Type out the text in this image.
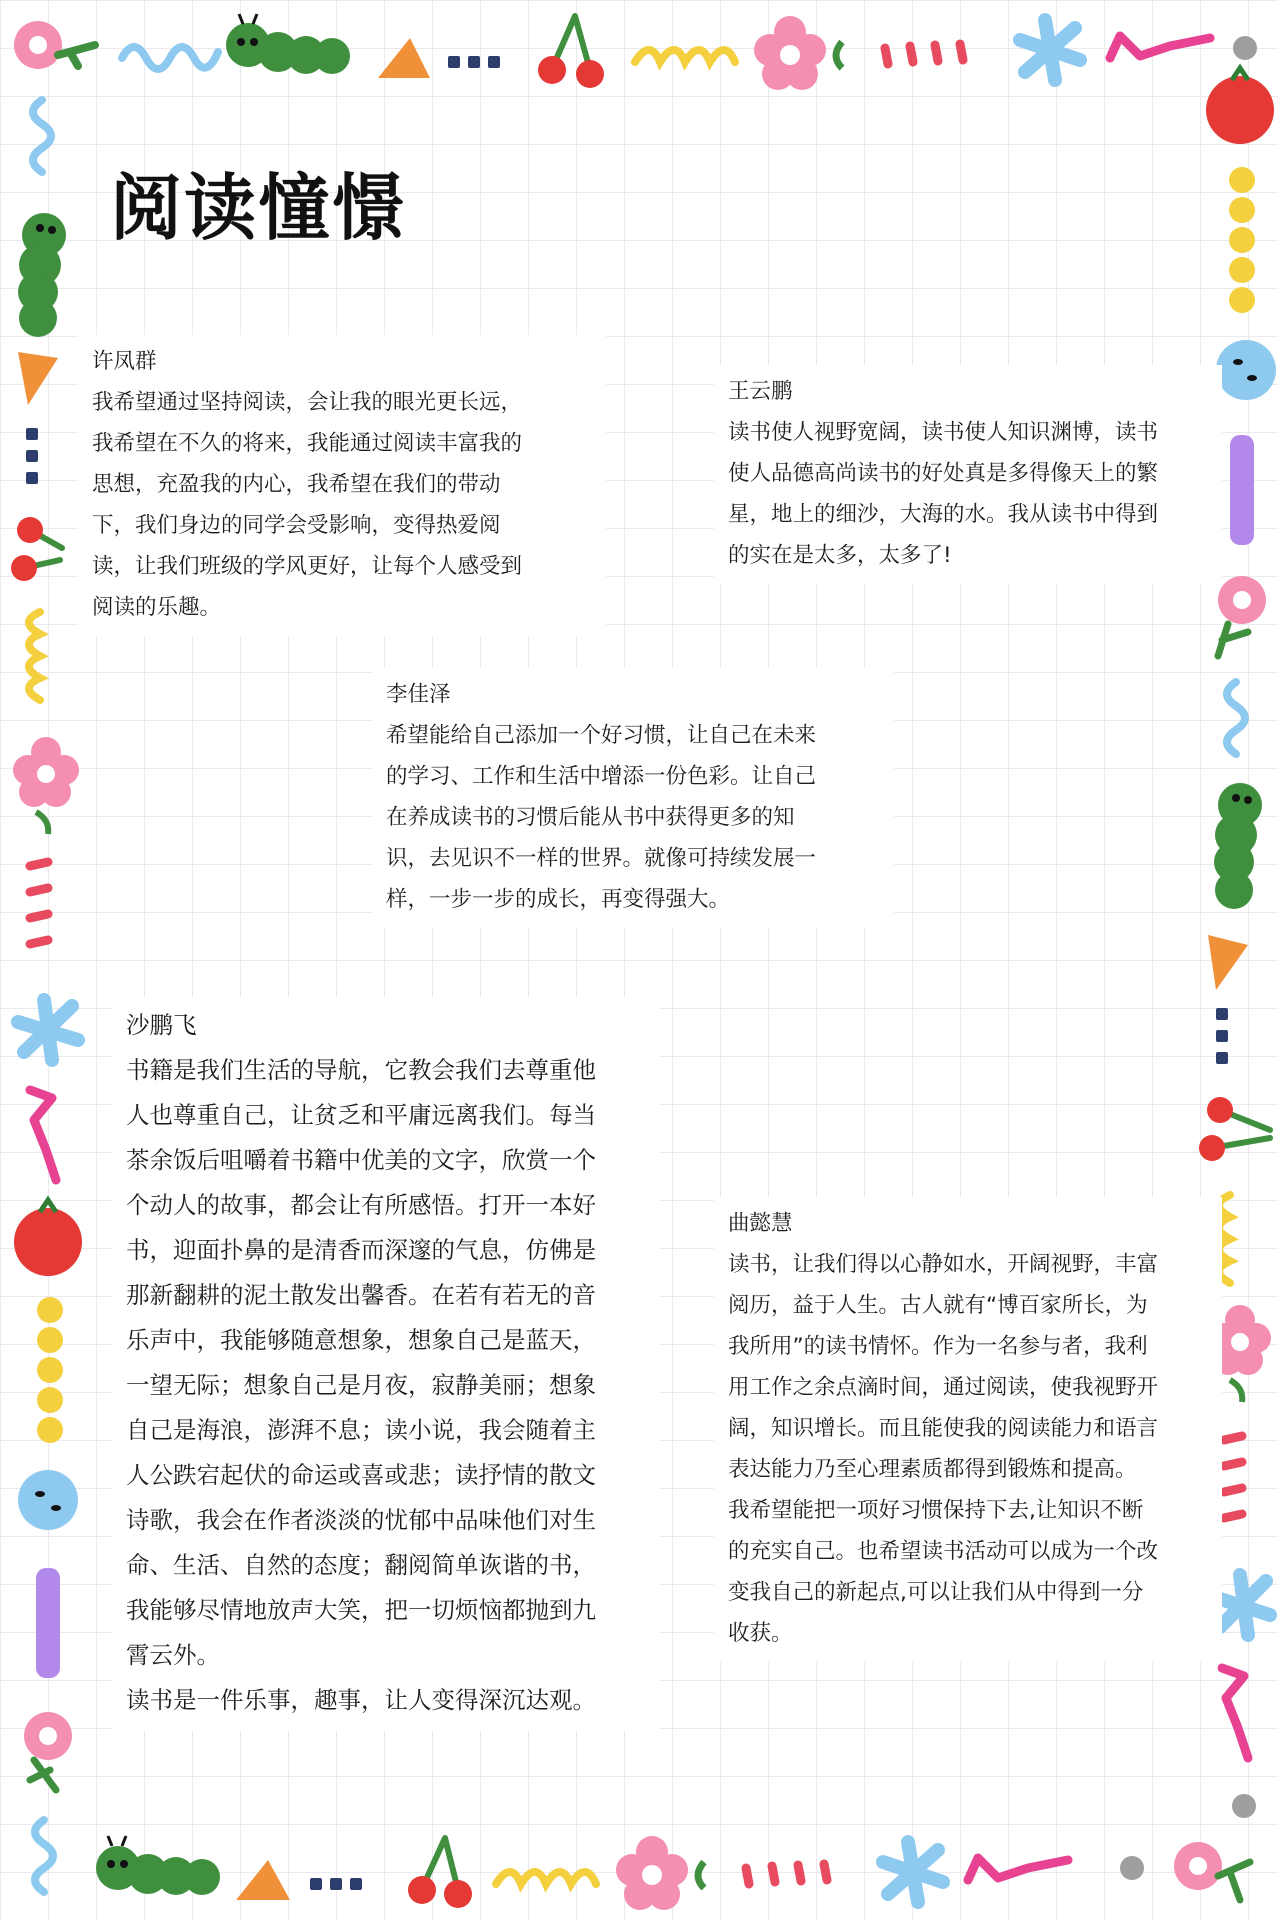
阅读憧憬
许凤群
我希望通过坚持阅读，会让我的眼光更长远，
我希望在不久的将来，我能通过阅读丰富我的
思想，充盈我的内心，我希望在我们的带动
下，我们身边的同学会受影响，变得热爱阅
读，让我们班级的学风更好，让每个人感受到
阅读的乐趣。
王云鹏
读书使人视野宽阔，读书使人知识渊博，读书
使人品德高尚读书的好处真是多得像天上的繁
星，地上的细沙，大海的水。我从读书中得到
的实在是太多，太多了!
李佳泽
希望能给自己添加一个好习惯，让自己在未来
的学习、工作和生活中增添一份色彩。让自己
在养成读书的习惯后能从书中获得更多的知
识，去见识不一样的世界。就像可持续发展一
样，一步一步的成长，再变得强大。
沙鹏飞
书籍是我们生活的导航，它教会我们去尊重他
人也尊重自己，让贫乏和平庸远离我们。每当
茶余饭后咀嚼着书籍中优美的文字，欣赏一个
个动人的故事，都会让有所感悟。打开一本好
书，迎面扑鼻的是清香而深邃的气息，仿佛是
那新翻耕的泥土散发出馨香。在若有若无的音
乐声中，我能够随意想象，想象自己是蓝天，
一望无际；想象自己是月夜，寂静美丽；想象
自己是海浪，澎湃不息；读小说，我会随着主
人公跌宕起伏的命运或喜或悲；读抒情的散文
诗歌，我会在作者淡淡的忧郁中品味他们对生
命、生活、自然的态度；翻阅简单诙谐的书，
我能够尽情地放声大笑，把一切烦恼都抛到九
霄云外。
读书是一件乐事，趣事，让人变得深沉达观。
曲懿慧
读书，让我们得以心静如水，开阔视野，丰富
阅历，益于人生。古人就有“博百家所长，为
我所用”的读书情怀。作为一名参与者，我利
用工作之余点滴时间，通过阅读，使我视野开
阔，知识增长。而且能使我的阅读能力和语言
表达能力乃至心理素质都得到锻炼和提高。
我希望能把一项好习惯保持下去,让知识不断
的充实自己。也希望读书活动可以成为一个改
变我自己的新起点,可以让我们从中得到一分
收获。
